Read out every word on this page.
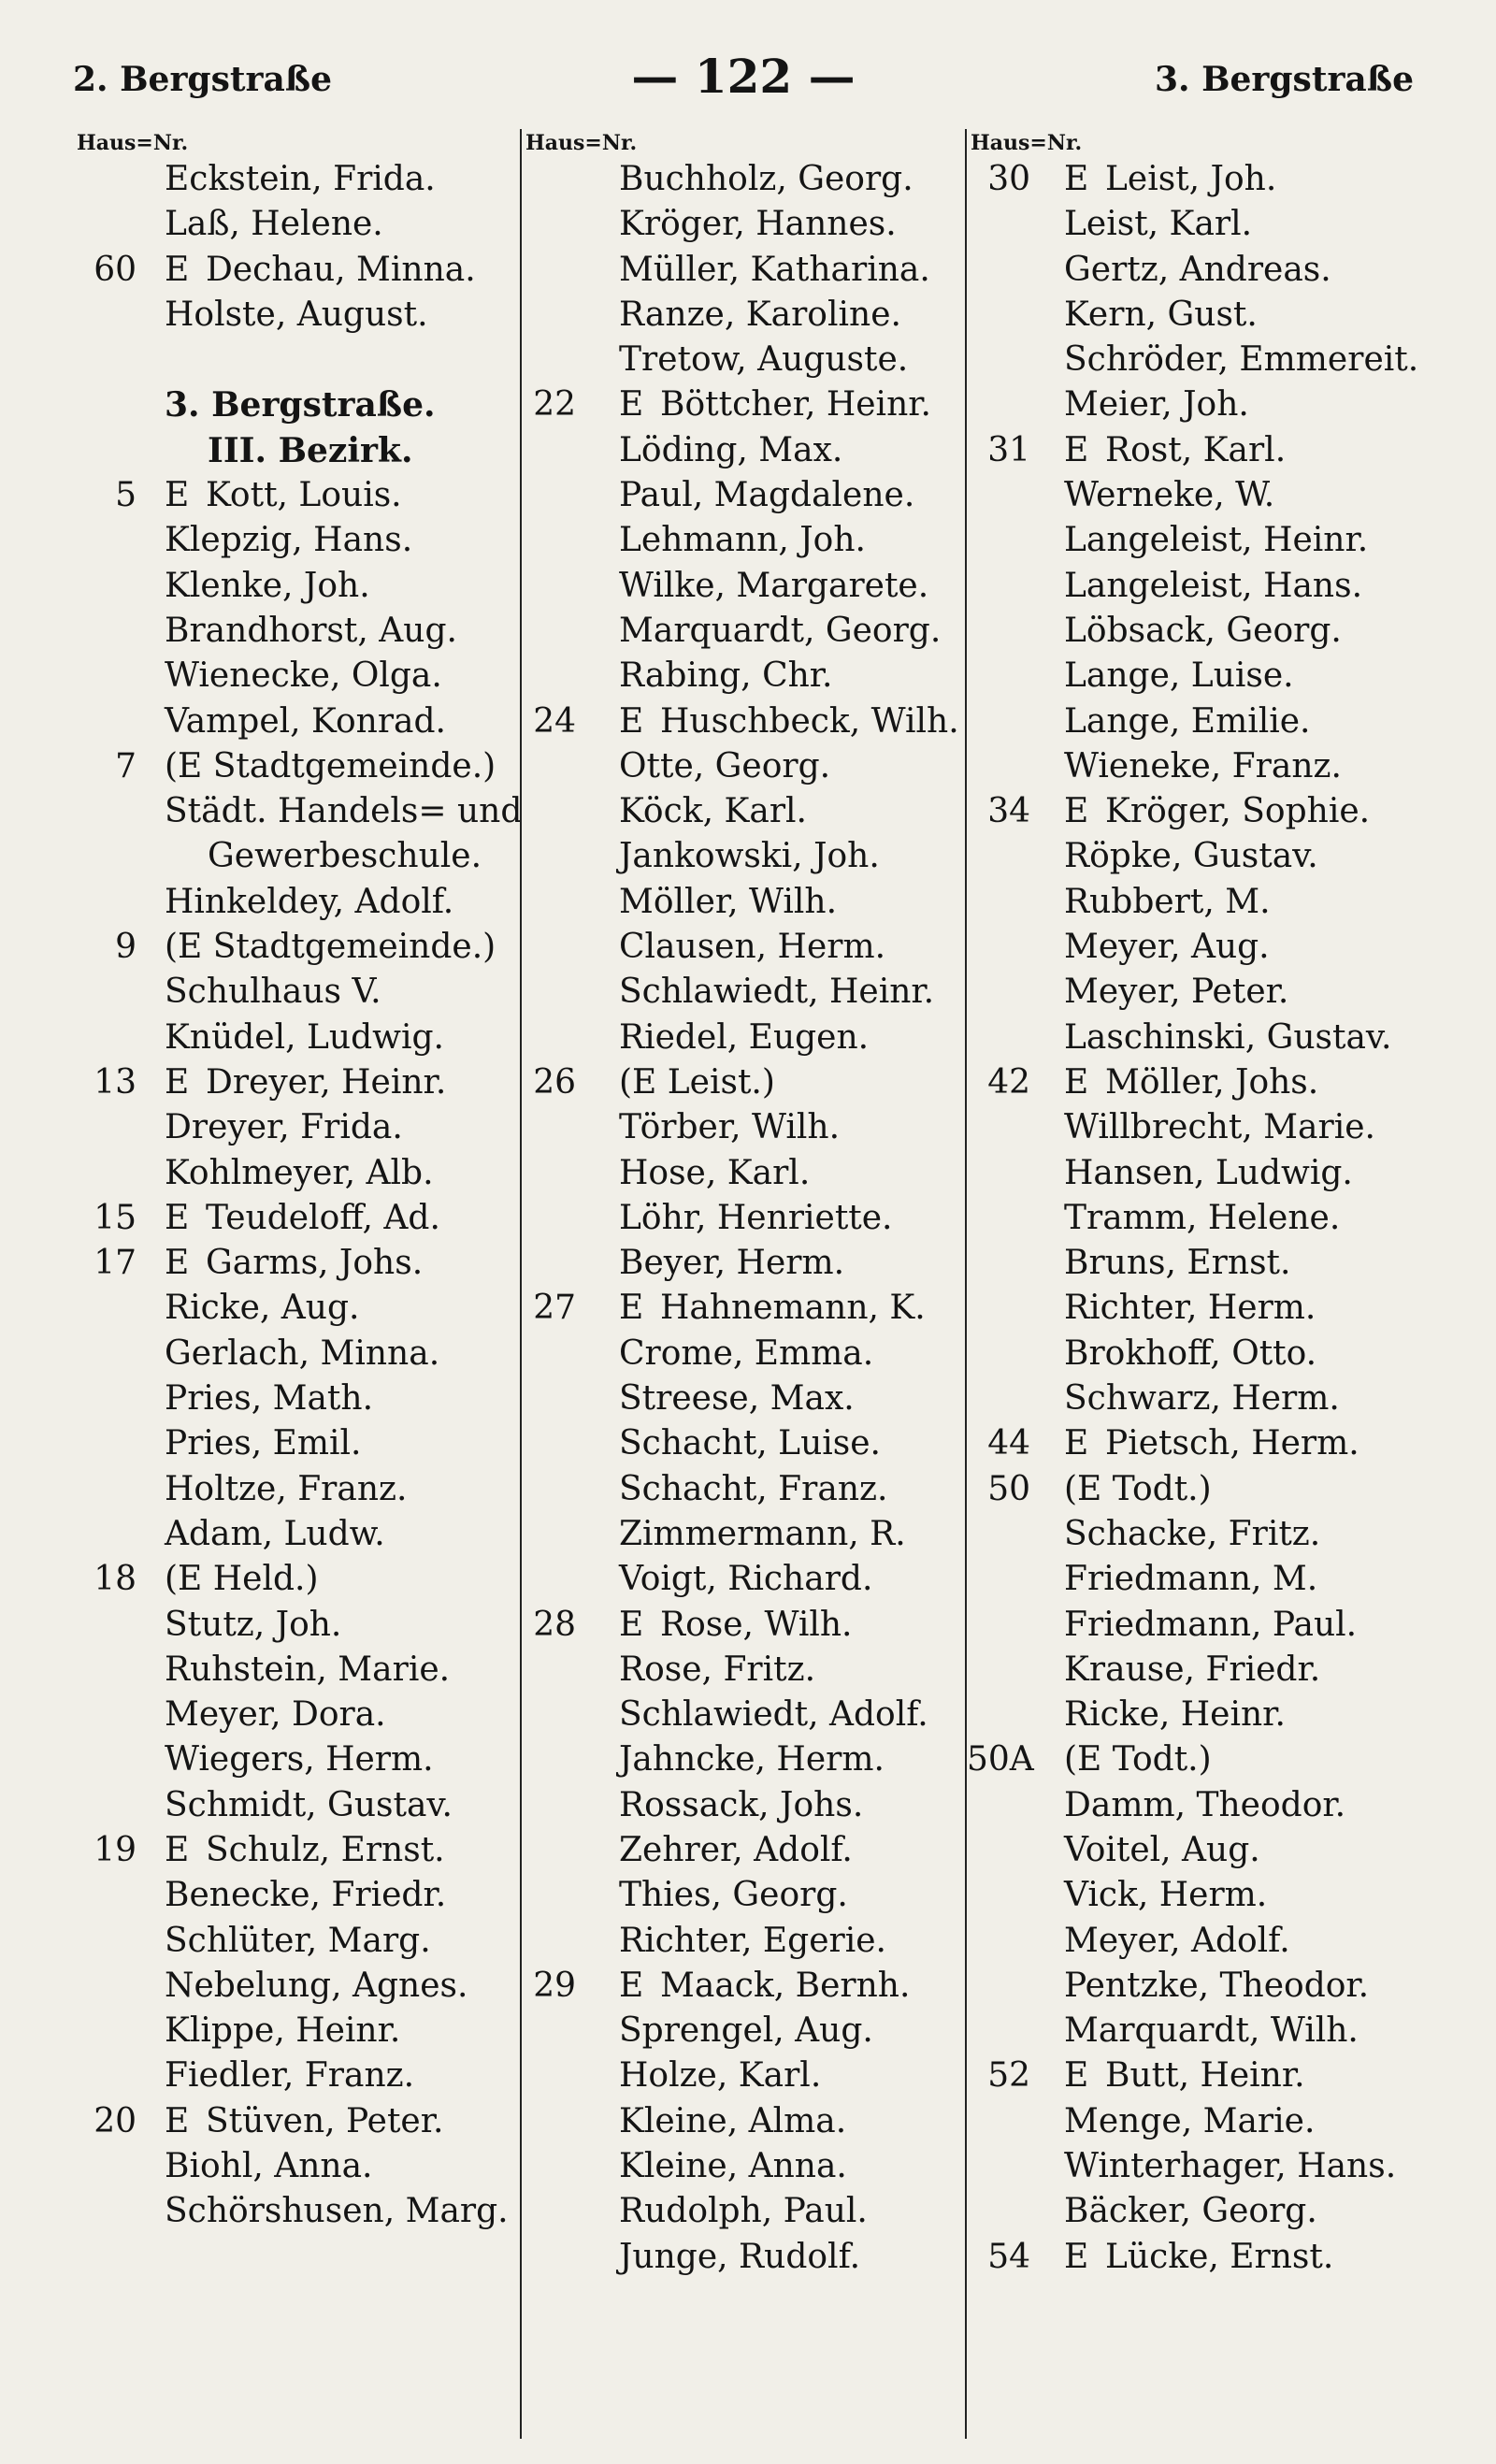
2. Bergstraße	— 122 —	3. Bergstraße
Haus=Nr.
Eckstein, Frida.
Laß, Helene.
60 E Dechau, Minna.
Holste, August.
3. Bergstraße.
III. Bezirk.
5 E Kott, Louis.
Klepzig, Hans.
Klenke, Joh.
Brandhorst, Aug.
Wienecke, Olga.
Vampel, Konrad.
7 (E Stadtgemeinde.)
Städt. Handels= und
Gewerbeschule.
Hinkeldey, Adolf.
9 (E Stadtgemeinde.)
Schulhaus V.
Knüdel, Ludwig.
13 E Dreyer, Heinr.
Dreyer, Frida.
Kohlmeyer, Alb.
15 E Teudeloff, Ad.
17 E Garms, Johs.
Ricke, Aug.
Gerlach, Minna.
Pries, Math.
Pries, Emil.
Holtze, Franz.
Adam, Ludw.
18 (E Held.)
Stutz, Joh.
Ruhstein, Marie.
Meyer, Dora.
Wiegers, Herm.
Schmidt, Gustav.
19 E Schulz, Ernst.
Benecke, Friedr.
Schlüter, Marg.
Nebelung, Agnes.
Klippe, Heinr.
Fiedler, Franz.
20 E Stüven, Peter.
Biohl, Anna.
Schörshusen, Marg.
Haus=Nr.
Buchholz, Georg.
Kröger, Hannes.
Müller, Katharina.
Ranze, Karoline.
Tretow, Auguste.
22 E Böttcher, Heinr.
Löding, Max.
Paul, Magdalene.
Lehmann, Joh.
Wilke, Margarete.
Marquardt, Georg.
Rabing, Chr.
24 E Huschbeck, Wilh.
Otte, Georg.
Köck, Karl.
Jankowski, Joh.
Möller, Wilh.
Clausen, Herm.
Schlawiedt, Heinr.
Riedel, Eugen.
26 (E Leist.)
Törber, Wilh.
Hose, Karl.
Löhr, Henriette.
Beyer, Herm.
27 E Hahnemann, K.
Crome, Emma.
Streese, Max.
Schacht, Luise.
Schacht, Franz.
Zimmermann, R.
Voigt, Richard.
28 E Rose, Wilh.
Rose, Fritz.
Schlawiedt, Adolf.
Jahncke, Herm.
Rossack, Johs.
Zehrer, Adolf.
Thies, Georg.
Richter, Egerie.
29 E Maack, Bernh.
Sprengel, Aug.
Holze, Karl.
Kleine, Alma.
Kleine, Anna.
Rudolph, Paul.
Junge, Rudolf.
Haus=Nr.
30 E Leist, Joh.
Leist, Karl.
Gertz, Andreas.
Kern, Gust.
Schröder, Emmereit.
Meier, Joh.
31 E Rost, Karl.
Werneke, W.
Langeleist, Heinr.
Langeleist, Hans.
Löbsack, Georg.
Lange, Luise.
Lange, Emilie.
Wieneke, Franz.
34 E Kröger, Sophie.
Röpke, Gustav.
Rubbert, M.
Meyer, Aug.
Meyer, Peter.
Laschinski, Gustav.
42 E Möller, Johs.
Willbrecht, Marie.
Hansen, Ludwig.
Tramm, Helene.
Bruns, Ernst.
Richter, Herm.
Brokhoff, Otto.
Schwarz, Herm.
44 E Pietsch, Herm.
50 (E Todt.)
Schacke, Fritz.
Friedmann, M.
Friedmann, Paul.
Krause, Friedr.
Ricke, Heinr.
50A (E Todt.)
Damm, Theodor.
Voitel, Aug.
Vick, Herm.
Meyer, Adolf.
Pentzke, Theodor.
Marquardt, Wilh.
52 E Butt, Heinr.
Menge, Marie.
Winterhager, Hans.
Bäcker, Georg.
54 E Lücke, Ernst.
